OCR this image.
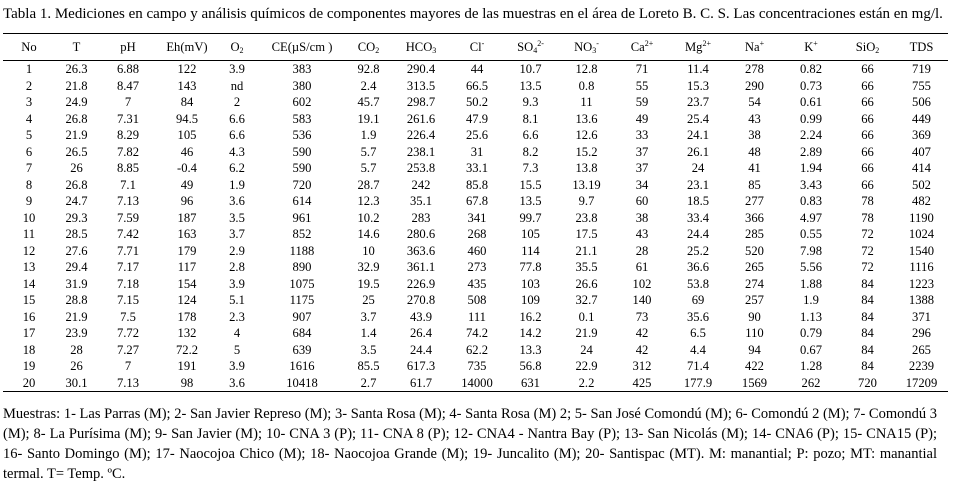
Tabla 1. Mediciones en campo y análisis químicos de componentes mayores de las muestras en el área de Loreto B. C. S. Las concentraciones están en mg/l.
No	T	pH	Eh(mV)	$O_2$	CE(µS/cm )	$CO_2$	$HCO_3$	Cl-	$SO_4^{2-}$	$NO_3^-$	$Ca^{2+}$	$Mg^{2+}$	Na+	K+	SiO$_2$	TDS
1	26.3	6.88	122	3.9	383	92.8	290.4	44	10.7	12.8	71	11.4	278	0.82	66	719
2	21.8	8.47	143	nd	380	2.4	313.5	66.5	13.5	0.8	55	15.3	290	0.73	66	755
3	24.9	7	84	2	602	45.7	298.7	50.2	9.3	11	59	23.7	54	0.61	66	506
4	26.8	7.31	94.5	6.6	583	19.1	261.6	47.9	8.1	13.6	49	25.4	43	0.99	66	449
5	21.9	8.29	105	6.6	536	1.9	226.4	25.6	6.6	12.6	33	24.1	38	2.24	66	369
6	26.5	7.82	46	4.3	590	5.7	238.1	31	8.2	15.2	37	26.1	48	2.89	66	407
7	26	8.85	-0.4	6.2	590	5.7	253.8	33.1	7.3	13.8	37	24	41	1.94	66	414
8	26.8	7.1	49	1.9	720	28.7	242	85.8	15.5	13.19	34	23.1	85	3.43	66	502
9	24.7	7.13	96	3.6	614	12.3	35.1	67.8	13.5	9.7	60	18.5	277	0.83	78	482
10	29.3	7.59	187	3.5	961	10.2	283	341	99.7	23.8	38	33.4	366	4.97	78	1190
11	28.5	7.42	163	3.7	852	14.6	280.6	268	105	17.5	43	24.4	285	0.55	72	1024
12	27.6	7.71	179	2.9	1188	10	363.6	460	114	21.1	28	25.2	520	7.98	72	1540
13	29.4	7.17	117	2.8	890	32.9	361.1	273	77.8	35.5	61	36.6	265	5.56	72	1116
14	31.9	7.18	154	3.9	1075	19.5	226.9	435	103	26.6	102	53.8	274	1.88	84	1223
15	28.8	7.15	124	5.1	1175	25	270.8	508	109	32.7	140	69	257	1.9	84	1388
16	21.9	7.5	178	2.3	907	3.7	43.9	111	16.2	0.1	73	35.6	90	1.13	84	371
17	23.9	7.72	132	4	684	1.4	26.4	74.2	14.2	21.9	42	6.5	110	0.79	84	296
18	28	7.27	72.2	5	639	3.5	24.4	62.2	13.3	24	42	4.4	94	0.67	84	265
19	26	7	191	3.9	1616	85.5	617.3	735	56.8	22.9	312	71.4	422	1.28	84	2239
20	30.1	7.13	98	3.6	10418	2.7	61.7	14000	631	2.2	425	177.9	1569	262	720	17209
Muestras: 1- Las Parras (M); 2- San Javier Represo (M); 3- Santa Rosa (M); 4- Santa Rosa (M) 2; 5- San José Comondú (M); 6- Comondú 2 (M); 7- Comondú 3 (M); 8- La Purísima (M); 9- San Javier (M); 10- CNA 3 (P); 11- CNA 8 (P); 12- CNA4 - Nantra Bay (P); 13- San Nicolás (M); 14- CNA6 (P); 15- CNA15 (P); 16- Santo Domingo (M); 17- Naocojoa Chico (M); 18- Naocojoa Grande (M); 19- Juncalito (M); 20- Santispac (MT). M: manantial; P: pozo; MT: manantial termal. T= Temp. ºC.
